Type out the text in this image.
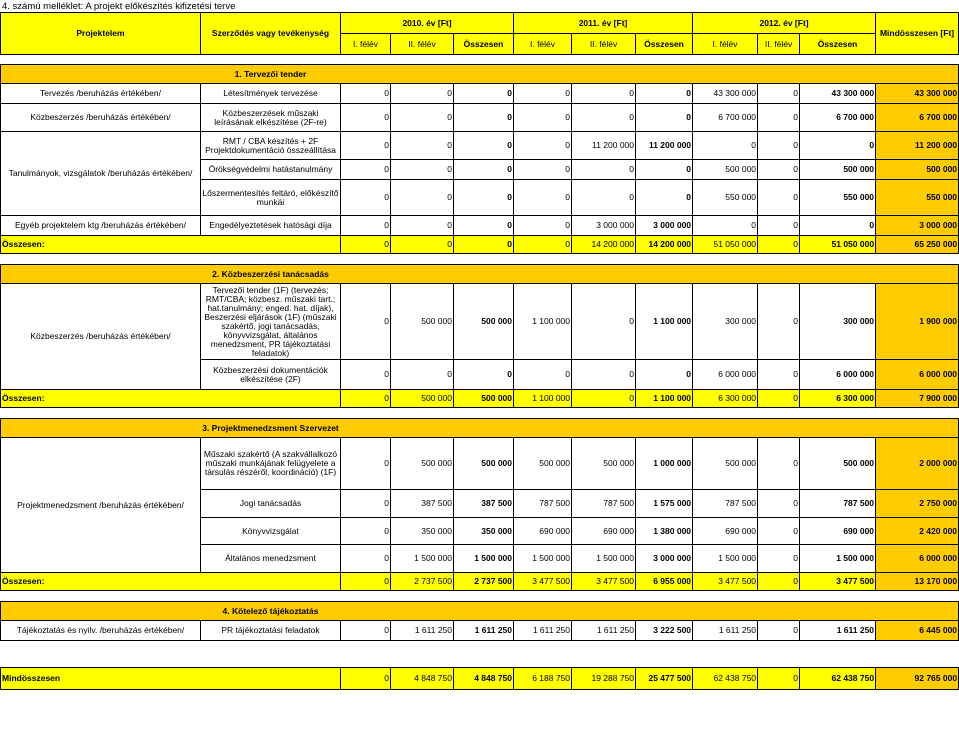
4. számú melléklet: A projekt előkészítés kifizetési terve
Projektelem	Szerződés vagy tevékenység	2010. év [Ft]			2011. év [Ft]			2012. év [Ft]			Mindösszesen [Ft]
		I. félév	II. félév	Összesen	I. félév	II. félév	Összesen	I. félév	II. félév	Összesen	

	1. Tervezői tender										
Tervezés /beruházás értékében/	Létesítmények tervezése	0	0	0	0	0	0	43 300 000	0	43 300 000	43 300 000
Közbeszerzés /beruházás értékében/	Közbeszerzések műszaki leírásának elkészítése (2F-re)	0	0	0	0	0	0	6 700 000	0	6 700 000	6 700 000
Tanulmányok, vizsgálatok /beruházás értékében/	RMT / CBA készítés + 2F Projektdokumentáció összeállítása	0	0	0	0	11 200 000	11 200 000	0	0	0	11 200 000
	Örökségvédelmi hatástanulmány	0	0	0	0	0	0	500 000	0	500 000	500 000
	Lőszermentesítés feltáró, előkészítő munkái	0	0	0	0	0	0	550 000	0	550 000	550 000
Egyéb projektelem ktg /beruházás értékében/	Engedélyeztetések hatósági díja	0	0	0	0	3 000 000	3 000 000	0	0	0	3 000 000
Összesen:		0	0	0	0	14 200 000	14 200 000	51 050 000	0	51 050 000	65 250 000

	2. Közbeszerzési tanácsadás										
Közbeszerzés /beruházás értékében/	Tervezői tender (1F) (tervezés; RMT/CBA; közbesz. műszaki tart.; hat.tanulmány; enged. hat. díjak), Beszerzési eljárások (1F) (műszaki szakértő, jogi tanácsadás, könyvvizsgálat, általános menedzsment, PR tájékoztatási feladatok)	0	500 000	500 000	1 100 000	0	1 100 000	300 000	0	300 000	1 900 000
	Közbeszerzési dokumentációk elkészítése (2F)	0	0	0	0	0	0	6 000 000	0	6 000 000	6 000 000
Összesen:		0	500 000	500 000	1 100 000	0	1 100 000	6 300 000	0	6 300 000	7 900 000

	3. Projektmenedzsment Szervezet										
Projektmenedzsment /beruházás értékében/	Műszaki szakértő (A szakvállalkozó műszaki munkájának felügyelete a társulás részéről, koordináció) (1F)	0	500 000	500 000	500 000	500 000	1 000 000	500 000	0	500 000	2 000 000
	Jogi tanácsadás	0	387 500	387 500	787 500	787 500	1 575 000	787 500	0	787 500	2 750 000
	Könyvvizsgálat	0	350 000	350 000	690 000	690 000	1 380 000	690 000	0	690 000	2 420 000
	Általános menedzsment	0	1 500 000	1 500 000	1 500 000	1 500 000	3 000 000	1 500 000	0	1 500 000	6 000 000
Összesen:		0	2 737 500	2 737 500	3 477 500	3 477 500	6 955 000	3 477 500	0	3 477 500	13 170 000

	4. Kötelező tájékoztatás										
Tájékoztatás és nyilv. /beruházás értékében/	PR tájékoztatási feladatok	0	1 611 250	1 611 250	1 611 250	1 611 250	3 222 500	1 611 250	0	1 611 250	6 445 000

Mindösszesen		0	4 848 750	4 848 750	6 188 750	19 288 750	25 477 500	62 438 750	0	62 438 750	92 765 000
